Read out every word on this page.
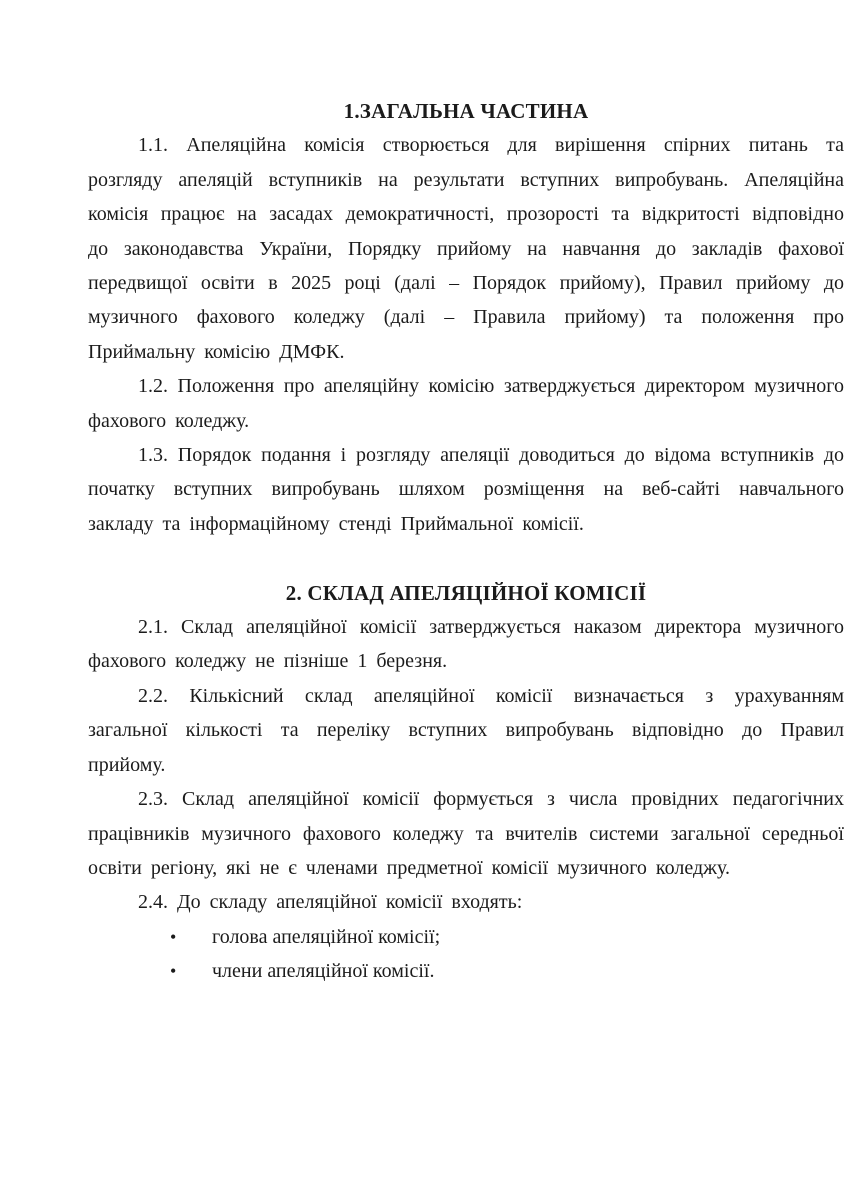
1.ЗАГАЛЬНА ЧАСТИНА

1.1. Апеляційна комісія створюється для вирішення спірних питань та розгляду апеляцій вступників на результати вступних випробувань. Апеляційна комісія працює на засадах демократичності, прозорості та відкритості відповідно до законодавства України, Порядку прийому на навчання до закладів фахової передвищої освіти в 2025 році (далі – Порядок прийому), Правил прийому до музичного фахового коледжу (далі – Правила прийому) та положення про Приймальну комісію ДМФК.

1.2. Положення про апеляційну комісію затверджується директором музичного фахового коледжу.

1.3. Порядок подання і розгляду апеляції доводиться до відома вступників до початку вступних випробувань шляхом розміщення на веб-сайті навчального закладу та інформаційному стенді Приймальної комісії.

2. СКЛАД АПЕЛЯЦІЙНОЇ КОМІСІЇ

2.1. Склад апеляційної комісії затверджується наказом директора музичного фахового коледжу не пізніше 1 березня.

2.2. Кількісний склад апеляційної комісії визначається з урахуванням загальної кількості та переліку вступних випробувань відповідно до Правил прийому.

2.3. Склад апеляційної комісії формується з числа провідних педагогічних працівників музичного фахового коледжу та вчителів системи загальної середньої освіти регіону, які не є членами предметної комісії музичного коледжу.

2.4. До складу апеляційної комісії входять:

•	голова апеляційної комісії;
•	члени апеляційної комісії.
